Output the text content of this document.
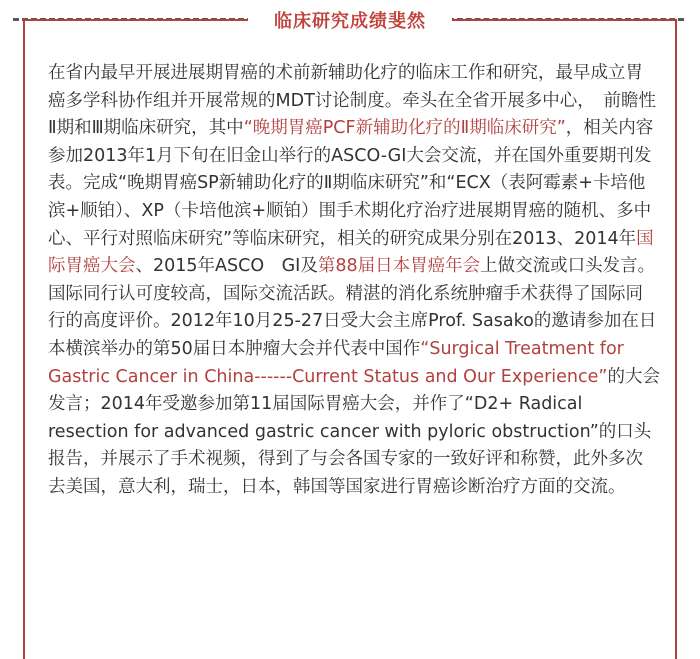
临床研究成绩斐然

在省内最早开展进展期胃癌的术前新辅助化疗的临床工作和研究，最早成立胃癌多学科协作组并开展常规的MDT讨论制度。牵头在全省开展多中心，　前瞻性Ⅱ期和Ⅲ期临床研究，其中“晚期胃癌PCF新辅助化疗的Ⅱ期临床研究”，相关内容参加2013年1月下旬在旧金山举行的ASCO-GI大会交流，并在国外重要期刊发表。完成“晚期胃癌SP新辅助化疗的Ⅱ期临床研究”和“ECX（表阿霉素+卡培他滨+顺铂）、XP（卡培他滨+顺铂）围手术期化疗治疗进展期胃癌的随机、多中心、平行对照临床研究”等临床研究，相关的研究成果分别在2013、2014年国际胃癌大会、2015年ASCO　GI及第88届日本胃癌年会上做交流或口头发言。

国际同行认可度较高，国际交流活跃。精湛的消化系统肿瘤手术获得了国际同行的高度评价。2012年10月25-27日受大会主席Prof. Sasako的邀请参加在日本横滨举办的第50届日本肿瘤大会并代表中国作“Surgical Treatment for Gastric Cancer in China------Current Status and Our Experience”的大会发言；2014年受邀参加第11届国际胃癌大会，并作了“D2+ Radical resection for advanced gastric cancer with pyloric obstruction”的口头报告，并展示了手术视频，得到了与会各国专家的一致好评和称赞，此外多次去美国，意大利，瑞士，日本，韩国等国家进行胃癌诊断治疗方面的交流。
